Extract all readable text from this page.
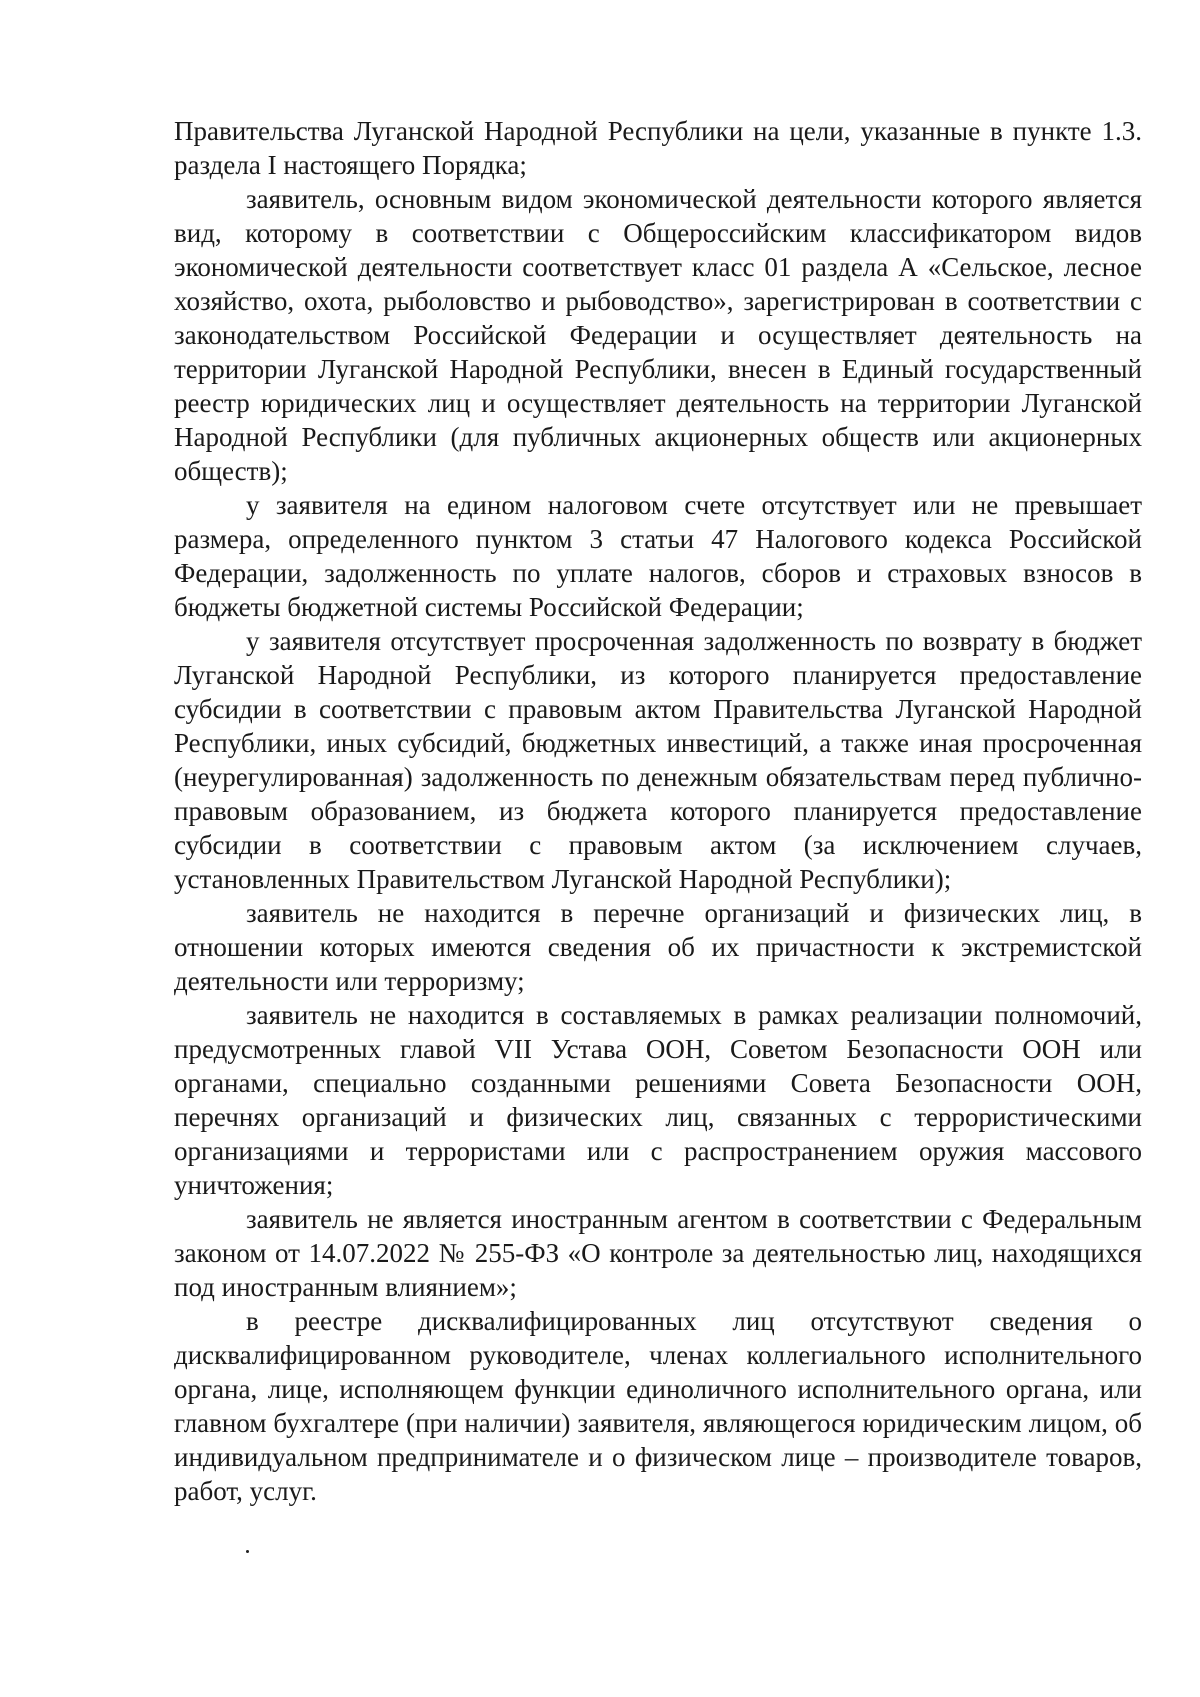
Правительства Луганской Народной Республики на цели, указанные в пункте 1.3. раздела I настоящего Порядка;

заявитель, основным видом экономической деятельности которого является вид, которому в соответствии с Общероссийским классификатором видов экономической деятельности соответствует класс 01 раздела А «Сельское, лесное хозяйство, охота, рыболовство и рыбоводство», зарегистрирован в соответствии с законодательством Российской Федерации и осуществляет деятельность на территории Луганской Народной Республики, внесен в Единый государственный реестр юридических лиц и осуществляет деятельность на территории Луганской Народной Республики (для публичных акционерных обществ или акционерных обществ);

у заявителя на едином налоговом счете отсутствует или не превышает размера, определенного пунктом 3 статьи 47 Налогового кодекса Российской Федерации, задолженность по уплате налогов, сборов и страховых взносов в бюджеты бюджетной системы Российской Федерации;

у заявителя отсутствует просроченная задолженность по возврату в бюджет Луганской Народной Республики, из которого планируется предоставление субсидии в соответствии с правовым актом Правительства Луганской Народной Республики, иных субсидий, бюджетных инвестиций, а также иная просроченная (неурегулированная) задолженность по денежным обязательствам перед публично-правовым образованием, из бюджета которого планируется предоставление субсидии в соответствии с правовым актом (за исключением случаев, установленных Правительством Луганской Народной Республики);

заявитель не находится в перечне организаций и физических лиц, в отношении которых имеются сведения об их причастности к экстремистской деятельности или терроризму;

заявитель не находится в составляемых в рамках реализации полномочий, предусмотренных главой VII Устава ООН, Советом Безопасности ООН или органами, специально созданными решениями Совета Безопасности ООН, перечнях организаций и физических лиц, связанных с террористическими организациями и террористами или с распространением оружия массового уничтожения;

заявитель не является иностранным агентом в соответствии с Федеральным законом от 14.07.2022 № 255-ФЗ «О контроле за деятельностью лиц, находящихся под иностранным влиянием»;

в реестре дисквалифицированных лиц отсутствуют сведения о дисквалифицированном руководителе, членах коллегиального исполнительного органа, лице, исполняющем функции единоличного исполнительного органа, или главном бухгалтере (при наличии) заявителя, являющегося юридическим лицом, об индивидуальном предпринимателе и о физическом лице – производителе товаров, работ, услуг.
